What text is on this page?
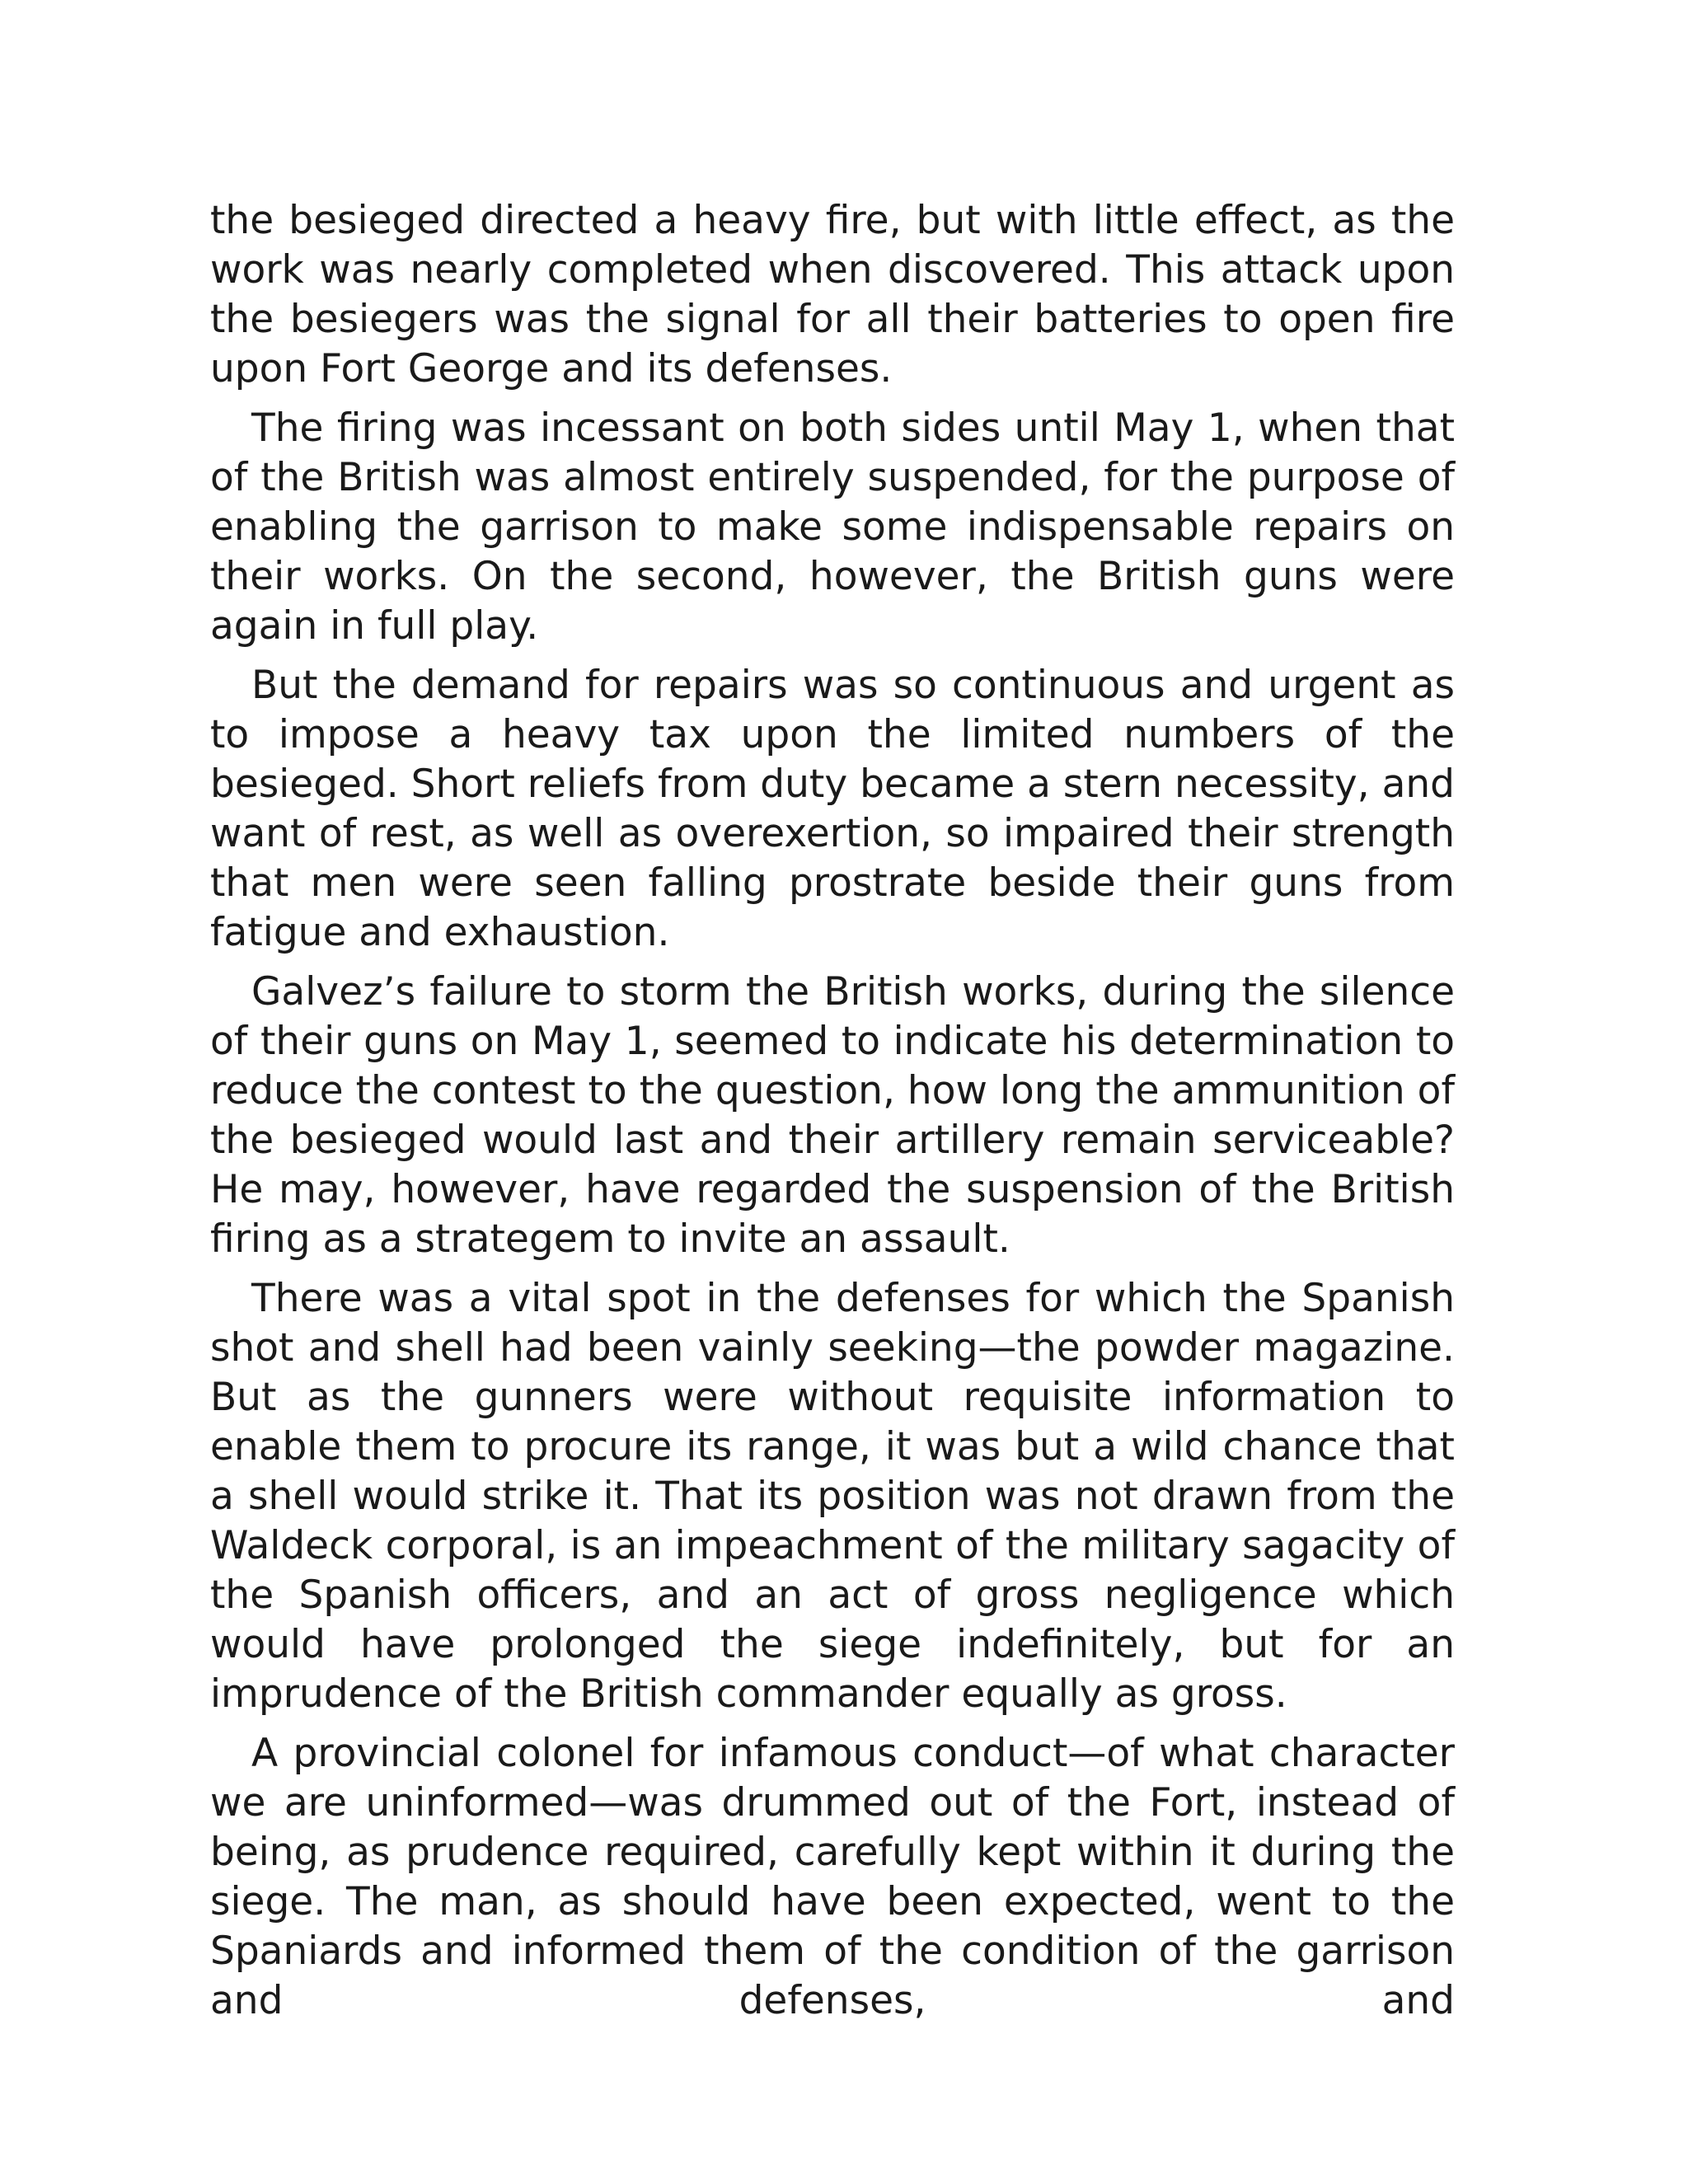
the besieged directed a heavy fire, but with little effect, as the work was nearly completed when discovered. This attack upon the besiegers was the signal for all their batteries to open fire upon Fort George and its defenses.

The firing was incessant on both sides until May 1, when that of the British was almost entirely suspended, for the purpose of enabling the garrison to make some indispensable repairs on their works. On the second, however, the British guns were again in full play.

But the demand for repairs was so continuous and urgent as to impose a heavy tax upon the limited numbers of the besieged. Short reliefs from duty became a stern necessity, and want of rest, as well as overexertion, so impaired their strength that men were seen falling prostrate beside their guns from fatigue and exhaustion.

Galvez’s failure to storm the British works, during the silence of their guns on May 1, seemed to indicate his determination to reduce the contest to the question, how long the ammunition of the besieged would last and their artillery remain serviceable? He may, however, have regarded the suspension of the British firing as a strategem to invite an assault.

There was a vital spot in the defenses for which the Spanish shot and shell had been vainly seeking—the powder magazine. But as the gunners were without requisite information to enable them to procure its range, it was but a wild chance that a shell would strike it. That its position was not drawn from the Waldeck corporal, is an impeachment of the military sagacity of the Spanish officers, and an act of gross negligence which would have prolonged the siege indefinitely, but for an imprudence of the British commander equally as gross.

A provincial colonel for infamous conduct—of what character we are uninformed—was drummed out of the Fort, instead of being, as prudence required, carefully kept within it during the siege. The man, as should have been expected, went to the Spaniards and informed them of the condition of the garrison and defenses, and
